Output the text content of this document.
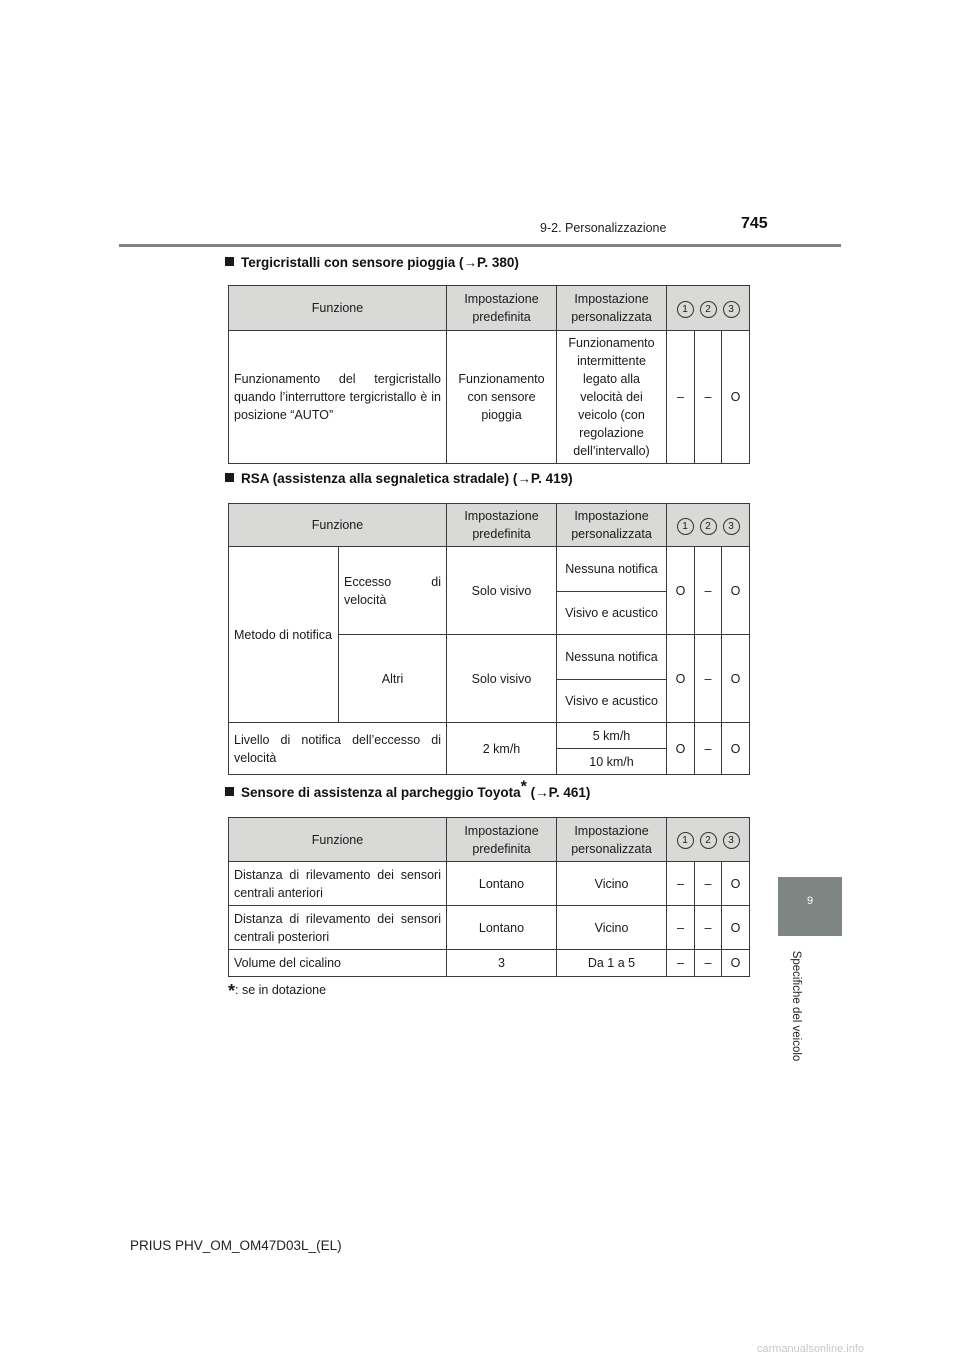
9-2. Personalizzazione	745
9
Specifiche del veicolo
Tergicristalli con sensore pioggia (→P. 380)
Funzione	Impostazione predefinita	Impostazione personalizzata	1 2 3		
Funzionamento del tergicristallo quando l’interruttore tergicristallo è in posizione “AUTO”	Funzionamento con sensore pioggia	Funzionamento intermittente legato alla velocità dei veicolo (con regolazione dell’intervallo)	–	–	O
RSA (assistenza alla segnaletica stradale) (→P. 419)
Funzione		Impostazione predefinita	Impostazione personalizzata	1 2 3		
Metodo di notifica	Eccesso di velocità	Solo visivo	Nessuna notifica	O	–	O
			Visivo e acustico			
	Altri	Solo visivo	Nessuna notifica	O	–	O
			Visivo e acustico			
Livello di notifica dell’eccesso di velocità		2 km/h	5 km/h	O	–	O
			10 km/h			
Sensore di assistenza al parcheggio Toyota* (→P. 461)
Funzione	Impostazione predefinita	Impostazione personalizzata	1 2 3		
Distanza di rilevamento dei sensori centrali anteriori	Lontano	Vicino	–	–	O
Distanza di rilevamento dei sensori centrali posteriori	Lontano	Vicino	–	–	O
Volume del cicalino	3	Da 1 a 5	–	–	O
*: se in dotazione
PRIUS PHV_OM_OM47D03L_(EL)
carmanualsonline.info
